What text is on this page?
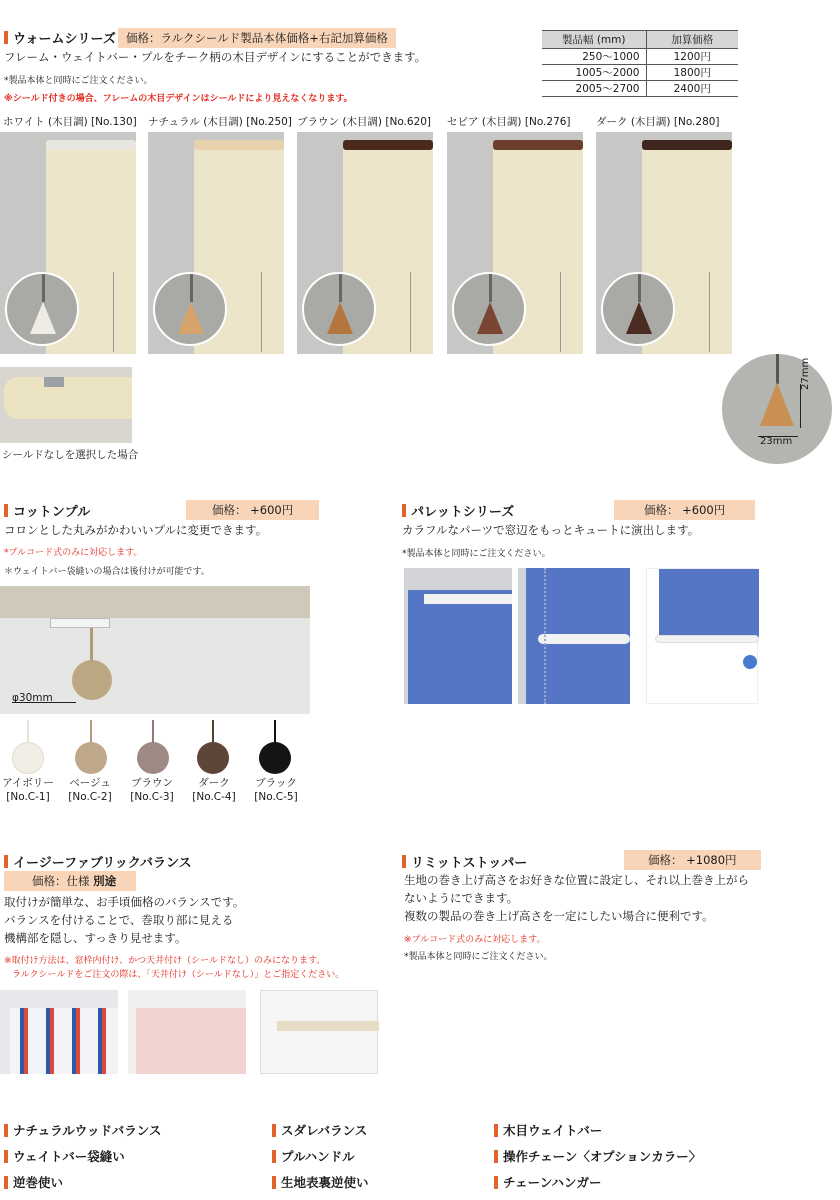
ウォームシリーズ 価格：ラルクシールド製品本体価格+右記加算価格
フレーム・ウェイトバー・プルをチーク柄の木目デザインにすることができます。
*製品本体と同時にご注文ください。
※シールド付きの場合、フレームの木目デザインはシールドにより見えなくなります。
製品幅 (mm)	加算価格
250～1000	1200円
1005～2000	1800円
2005～2700	2400円
ホワイト (木目調) [No.130] ナチュラル (木目調) [No.250] ブラウン (木目調) [No.620] セピア (木目調) [No.276] ダーク (木目調) [No.280]
シールドなしを選択した場合
27mm
23mm
コットンプル	価格： +600円
コロンとした丸みがかわいいプルに変更できます。
*プルコード式のみに対応します。
＊ウェイトバー袋縫いの場合は後付けが可能です。
φ30mm
アイボリー
[No.C-1]
ベージュ
[No.C-2]
ブラウン
[No.C-3]
ダーク
[No.C-4]
ブラック
[No.C-5]
パレットシリーズ	価格： +600円
カラフルなパーツで窓辺をもっとキュートに演出します。
*製品本体と同時にご注文ください。
イージーファブリックバランス
価格：仕様 別途
取付けが簡単な、お手頃価格のバランスです。
バランスを付けることで、巻取り部に見える
機構部を隠し、すっきり見せます。
※取付け方法は、窓枠内付け、かつ天井付け（シールドなし）のみになります。
ラルクシールドをご注文の際は、「天井付け（シールドなし）」とご指定ください。
リミットストッパー	価格： +1080円
生地の巻き上げ高さをお好きな位置に設定し、それ以上巻き上がら
ないようにできます。
複数の製品の巻き上げ高さを一定にしたい場合に便利です。
※プルコード式のみに対応します。
*製品本体と同時にご注文ください。
ナチュラルウッドバランス
ウェイトバー袋縫い
逆巻使い
スダレバランス
プルハンドル
生地表裏逆使い
木目ウェイトバー
操作チェーン〈オプションカラー〉
チェーンハンガー
